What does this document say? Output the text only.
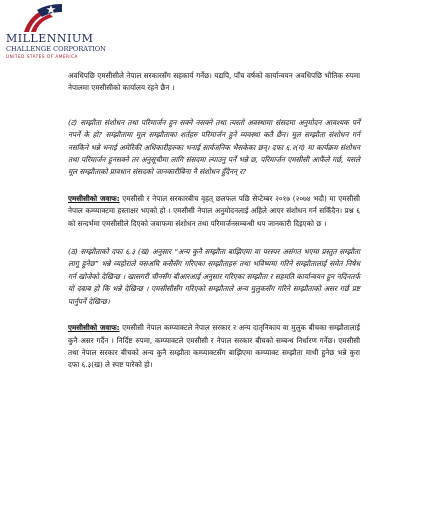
MILLENNIUM
CHALLENGE CORPORATION
UNITED STATES OF AMERICA

अवधिपछि एमसीसीले नेपाल सरकारसँग सहकार्य गर्नेछ। यद्यपि, पाँच वर्षको कार्यान्वयन अवधिपछि भौतिक रुपमा नेपालमा एमसीसीको कार्यालय रहने छैन ।

(ट) सम्झौता संशोधन तथा परिमार्जन हुन सक्ने नसक्ने तथा त्यस्तो अवस्थामा संसदमा अनुमोदन आवश्यक पर्ने नपर्ने के हो? सम्झौतामा मूल सम्झौताका शर्तहरु परिमार्जन हुने व्यवस्था कतै छैन। मूल सम्झौता संशोधन गर्न नसकिने भन्ने भनाई अमेरिकी अधिकारीहरुका भनाई सार्वजनिक भैसकेका छन्। दफा ६.२(ग) मा कार्यक्रम संशोधन तथा परिमार्जन हुनसक्ने तर अनुसूचीमा लागि संसदमा ल्याउनु पर्ने भन्ने छ, परिमार्जन एमसीसी आफैंले गर्छ, यसले मूल सम्झौताको प्रावधान संसदको जानकारीबिना नै संशोधन हुँदैनन् र?

एमसीसीको जवाफ: एमसीसी र नेपाल सरकारबीच वृहत् छलफल पछि सेप्टेम्बर २०१७ (२०७४ भदौ) मा एमसीसी नेपाल कम्प्याक्टमा हस्ताक्षर भएको हो । एमसीसी नेपाल अनुमोदनलाई अहिले आएर संशोधन गर्न सकिँदैन। प्रश्न ६ को सन्दर्भमा एमसीसीले दिएको जवाफमा संशोधन तथा परिमार्जनसम्बन्धी थप जानकारी दिइएको छ ।

(ठ) सम्झौताको दफा ६.३ (ख) अनुसार “अन्य कुनै सम्झौता बाझिएमा वा परस्पर असंगत भएमा प्रस्तुत सम्झौता लागू हुनेछ” भन्ने व्यहोराले यसअघि कसैसँग गरिएका सम्झौताहरु तथा भविष्यमा गरिने सम्झौतालाई समेत निषेध गर्न खोजेको देखिन्छ । खासगरी चीनसँग बीआरआई अनुसार गरिएका सम्झौता र सहमति कार्यान्वयन हुन नदिनतर्फ यो दबाब हो कि भन्ने देखिन्छ । एमसीसीसँग गरिएको सम्झौताले अन्य मुलुकसँग गरिने सम्झौताको असर गर्छ प्रष्ट पार्नुपर्ने देखिन्छ।

एमसीसीको जवाफ: एमसीसी नेपाल कम्प्याक्टले नेपाल सरकार र अन्य दातृनिकाय वा मुलुक बीचका सम्झौतालाई कुनै असर गर्दैन । निर्दिष्ट रुपमा, कम्प्याक्टले एमसीसी र नेपाल सरकार बीचको सम्बन्ध निर्धारण गर्नेछ। एमसीसी तथा नेपाल सरकार बीचको अन्य कुनै सम्झौता कम्प्याक्टसँग बाझिएमा कम्प्याक्ट सम्झौता माथी हुनेछ भन्ने कुरा दफा ६.३(ख) ले स्पष्ट पारेको हो।
